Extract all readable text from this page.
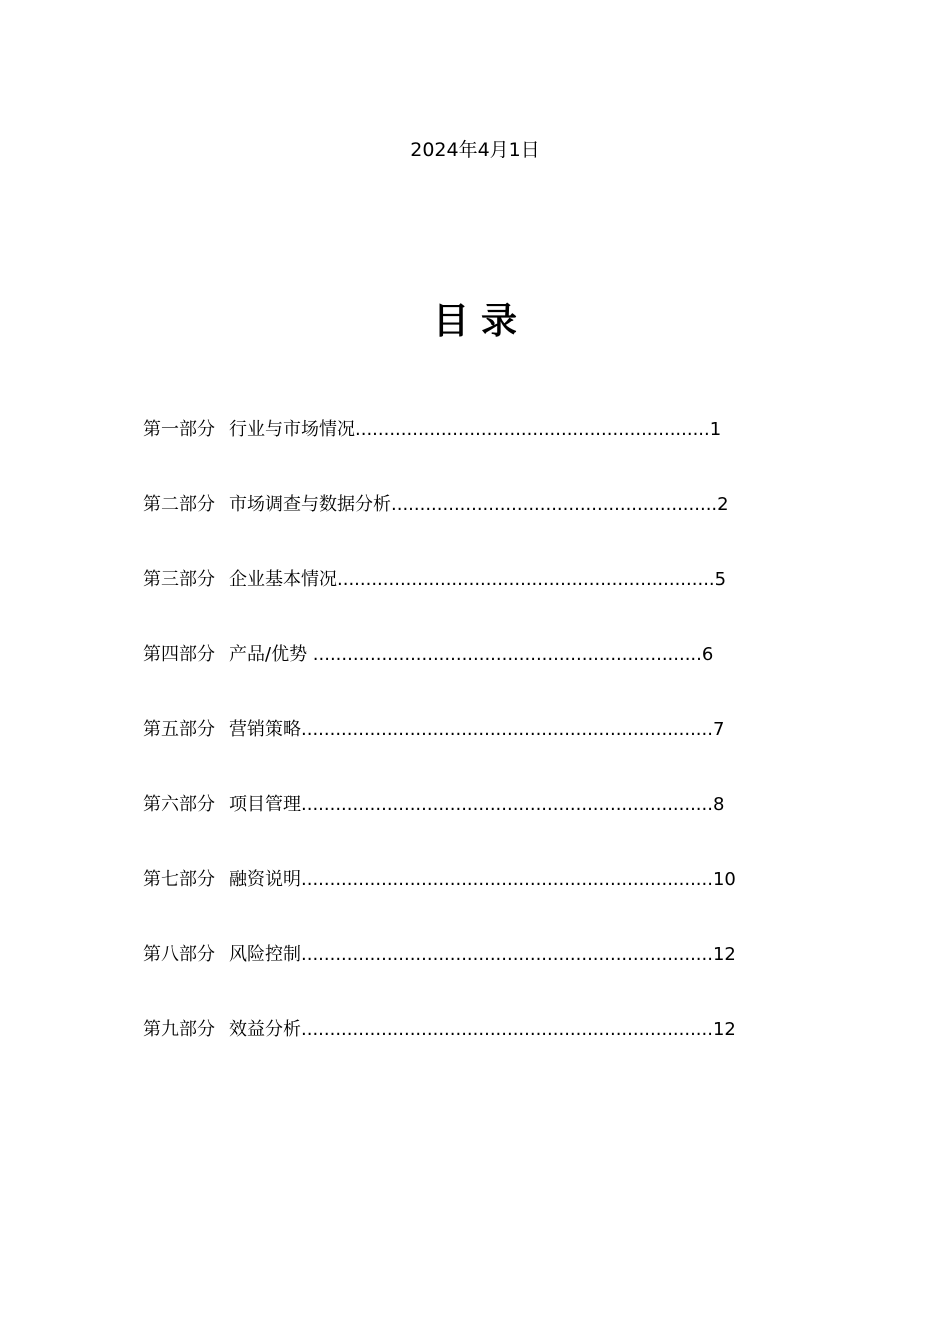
2024年4月1日
目录
第一部分 行业与市场情况..............................................................1
第二部分 市场调查与数据分析.........................................................2
第三部分 企业基本情况..................................................................5
第四部分 产品/优势 ....................................................................6
第五部分 营销策略........................................................................7
第六部分 项目管理........................................................................8
第七部分 融资说明........................................................................10
第八部分 风险控制........................................................................12
第九部分 效益分析........................................................................12
